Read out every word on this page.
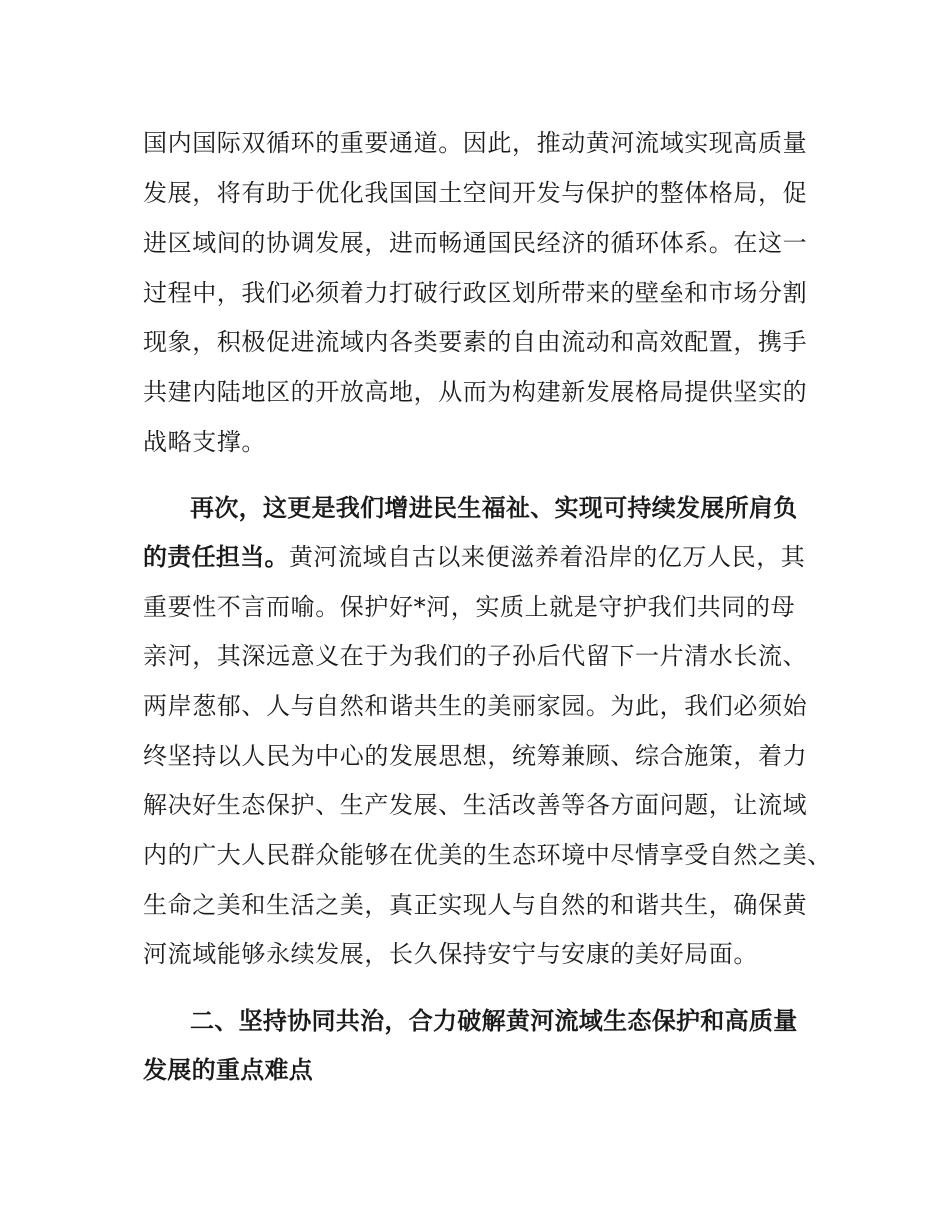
国内国际双循环的重要通道。因此，推动黄河流域实现高质量
发展，将有助于优化我国国土空间开发与保护的整体格局，促
进区域间的协调发展，进而畅通国民经济的循环体系。在这一
过程中，我们必须着力打破行政区划所带来的壁垒和市场分割
现象，积极促进流域内各类要素的自由流动和高效配置，携手
共建内陆地区的开放高地，从而为构建新发展格局提供坚实的
战略支撑。
再次，这更是我们增进民生福祉、实现可持续发展所肩负
的责任担当。黄河流域自古以来便滋养着沿岸的亿万人民，其
重要性不言而喻。保护好*河，实质上就是守护我们共同的母
亲河，其深远意义在于为我们的子孙后代留下一片清水长流、
两岸葱郁、人与自然和谐共生的美丽家园。为此，我们必须始
终坚持以人民为中心的发展思想，统筹兼顾、综合施策，着力
解决好生态保护、生产发展、生活改善等各方面问题，让流域
内的广大人民群众能够在优美的生态环境中尽情享受自然之美、
生命之美和生活之美，真正实现人与自然的和谐共生，确保黄
河流域能够永续发展，长久保持安宁与安康的美好局面。
二、坚持协同共治，合力破解黄河流域生态保护和高质量
发展的重点难点
